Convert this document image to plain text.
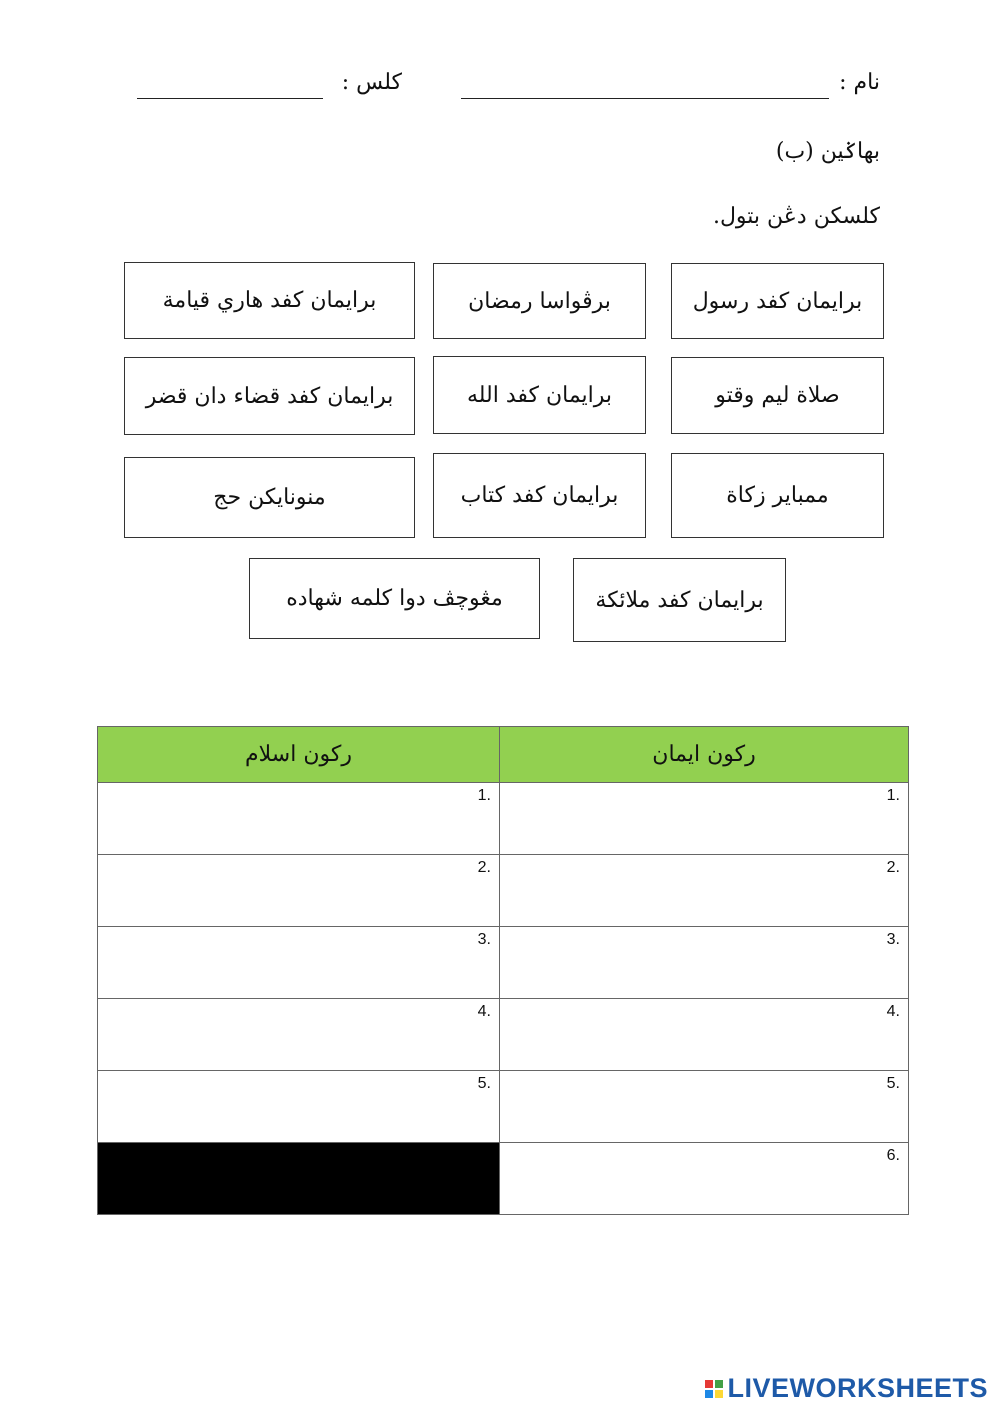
نام :
كلس :
بهاݢين (ب)
كلسكن دڠن بتول.
برايمان كفد رسول
برڤواسا رمضان
برايمان كفد هاري قيامة
صلاة ليم وقتو
برايمان كفد الله
برايمان كفد قضاء دان قضر
ممباير زكاة
برايمان كفد كتاب
منونايكن حج
برايمان كفد ملائكة
مڠوچڤ دوا كلمه شهاده
ركون اسلام	ركون ايمان
1.	1.
2.	2.
3.	3.
4.	4.
5.	5.
	6.
LIVEWORKSHEETS
